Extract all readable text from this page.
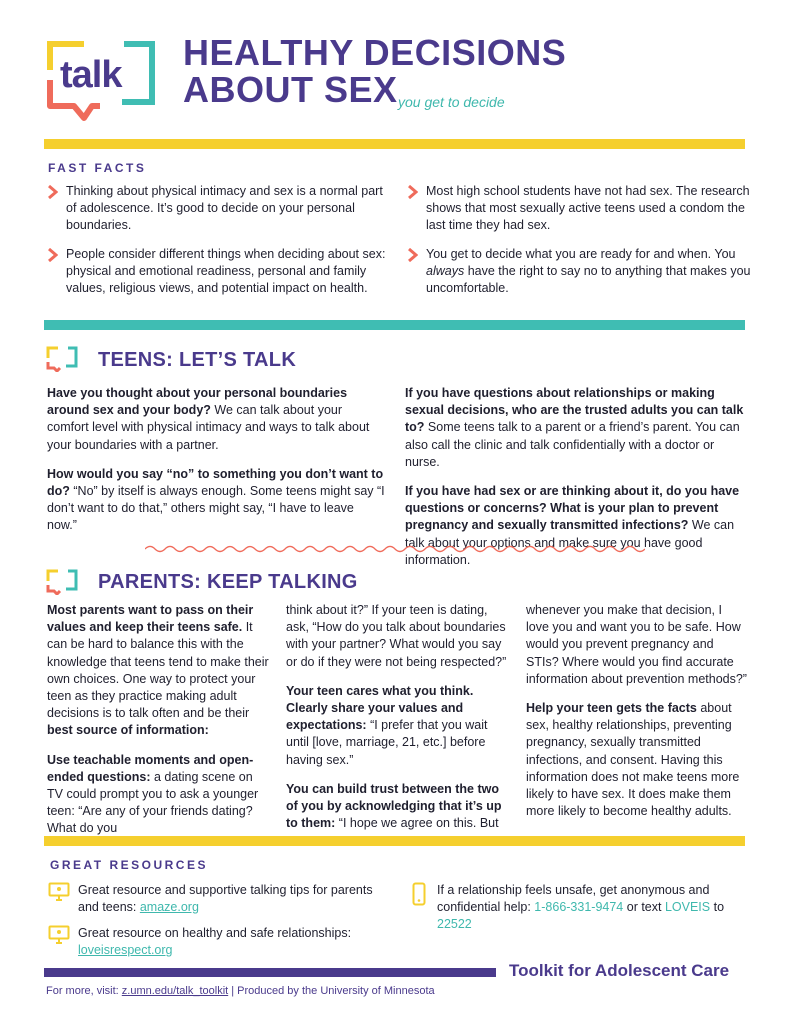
talk
HEALTHY DECISIONS
ABOUT SEX you get to decide
FAST FACTS
Thinking about physical intimacy and sex is a normal part of adolescence. It’s good to decide on your personal boundaries.
People consider different things when deciding about sex: physical and emotional readiness, personal and family values, religious views, and potential impact on health.
Most high school students have not had sex. The research shows that most sexually active teens used a condom the last time they had sex.
You get to decide what you are ready for and when. You always have the right to say no to anything that makes you uncomfortable.
TEENS: LET’S TALK

Have you thought about your personal boundaries around sex and your body? We can talk about your comfort level with physical intimacy and ways to talk about your boundaries with a partner.

How would you say “no” to something you don’t want to do? “No” by itself is always enough. Some teens might say “I don’t want to do that,” others might say, “I have to leave now.”

If you have questions about relationships or making sexual decisions, who are the trusted adults you can talk to? Some teens talk to a parent or a friend’s parent. You can also call the clinic and talk confidentially with a doctor or nurse.

If you have had sex or are thinking about it, do you have questions or concerns? What is your plan to prevent pregnancy and sexually transmitted infections? We can talk about your options and make sure you have good information.

PARENTS: KEEP TALKING

Most parents want to pass on their values and keep their teens safe. It can be hard to balance this with the knowledge that teens tend to make their own choices. One way to protect your teen as they practice making adult decisions is to talk often and be their best source of information:

Use teachable moments and open-ended questions: a dating scene on TV could prompt you to ask a younger teen: “Are any of your friends dating? What do you

think about it?” If your teen is dating, ask, “How do you talk about boundaries with your partner? What would you say or do if they were not being respected?”

Your teen cares what you think. Clearly share your values and expectations: “I prefer that you wait until [love, marriage, 21, etc.] before having sex.”

You can build trust between the two of you by acknowledging that it’s up to them: “I hope we agree on this. But

whenever you make that decision, I love you and want you to be safe. How would you prevent pregnancy and STIs? Where would you find accurate information about prevention methods?”

Help your teen gets the facts about sex, healthy relationships, preventing pregnancy, sexually transmitted infections, and consent. Having this information does not make teens more likely to have sex. It does make them more likely to become healthy adults.

GREAT RESOURCES
Great resource and supportive talking tips for parents and teens: amaze.org
Great resource on healthy and safe relationships: loveisrespect.org
If a relationship feels unsafe, get anonymous and confidential help: 1-866-331-9474 or text LOVEIS to 22522
Toolkit for Adolescent Care
For more, visit: z.umn.edu/talk_toolkit | Produced by the University of Minnesota
